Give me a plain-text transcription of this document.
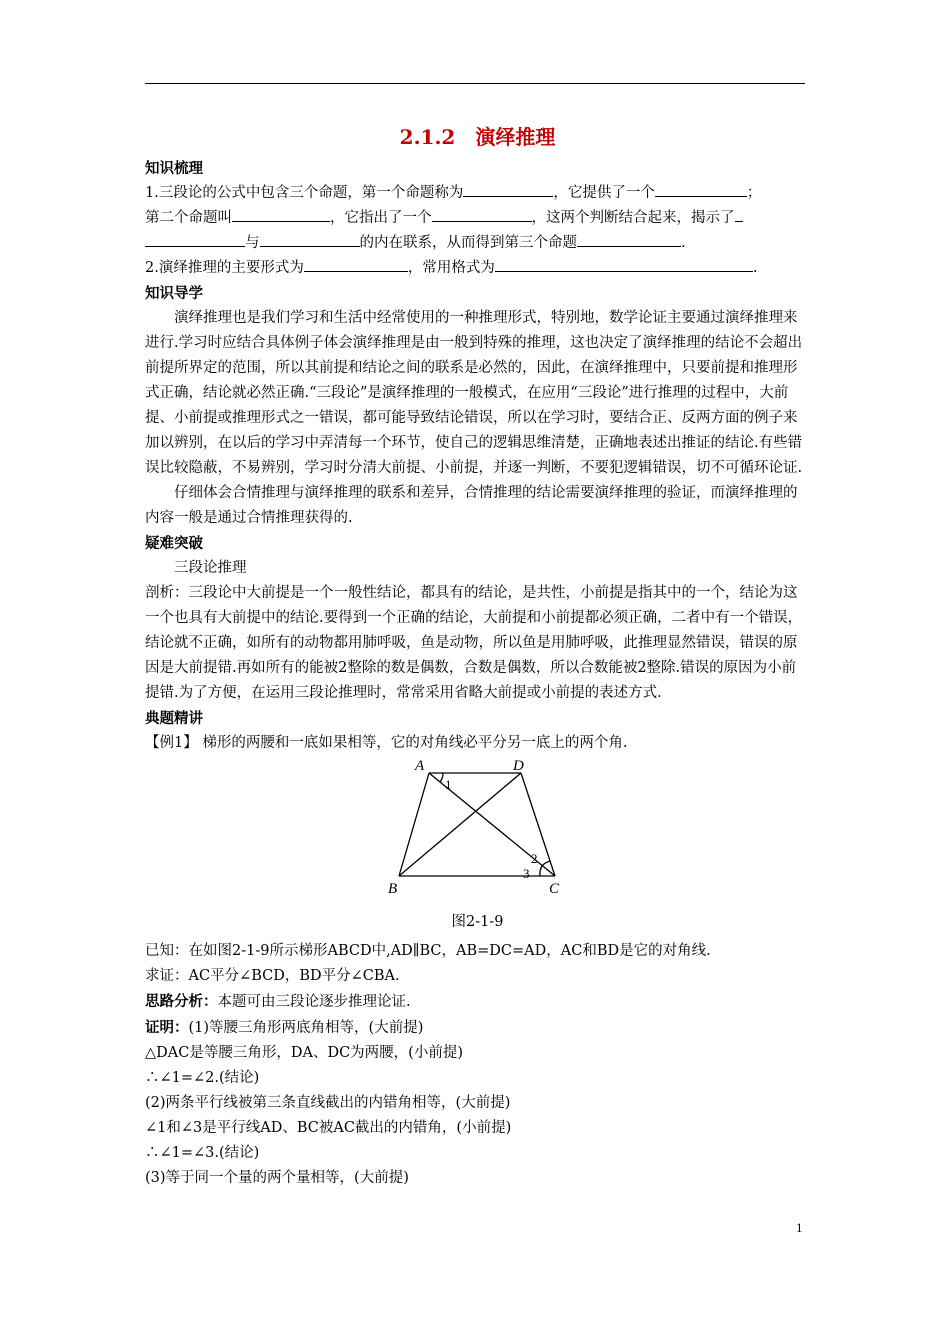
2.1.2　演绎推理
知识梳理

1.三段论的公式中包含三个命题，第一个命题称为	，它提供了一个	；
第二个命题叫	，它指出了一个	，这两个判断结合起来，揭示了
与	的内在联系，从而得到第三个命题	.

2.演绎推理的主要形式为	，常用格式为	.

知识导学

演绎推理也是我们学习和生活中经常使用的一种推理形式，特别地，数学论证主要通过演绎推理来进行.学习时应结合具体例子体会演绎推理是由一般到特殊的推理，这也决定了演绎推理的结论不会超出前提所界定的范围，所以其前提和结论之间的联系是必然的，因此，在演绎推理中，只要前提和推理形式正确，结论就必然正确.“三段论”是演绎推理的一般模式，在应用“三段论”进行推理的过程中，大前提、小前提或推理形式之一错误，都可能导致结论错误，所以在学习时，要结合正、反两方面的例子来加以辨别，在以后的学习中弄清每一个环节，使自己的逻辑思维清楚，正确地表述出推证的结论.有些错误比较隐蔽，不易辨别，学习时分清大前提、小前提，并逐一判断，不要犯逻辑错误，切不可循环论证.

仔细体会合情推理与演绎推理的联系和差异，合情推理的结论需要演绎推理的验证，而演绎推理的内容一般是通过合情推理获得的.

疑难突破

三段论推理

剖析：三段论中大前提是一个一般性结论，都具有的结论，是共性，小前提是指其中的一个，结论为这一个也具有大前提中的结论.要得到一个正确的结论，大前提和小前提都必须正确，二者中有一个错误，结论就不正确，如所有的动物都用肺呼吸，鱼是动物，所以鱼是用肺呼吸，此推理显然错误，错误的原因是大前提错.再如所有的能被2整除的数是偶数，合数是偶数，所以合数能被2整除.错误的原因为小前提错.为了方便，在运用三段论推理时，常常采用省略大前提或小前提的表述方式.

典题精讲

【例1】 梯形的两腰和一底如果相等，它的对角线必平分另一底上的两个角.

A	D
B	C
1
2
3
图2-1-9

已知：在如图2-1-9所示梯形ABCD中,AD∥BC，AB=DC=AD，AC和BD是它的对角线.

求证：AC平分∠BCD，BD平分∠CBA.

思路分析：本题可由三段论逐步推理论证.

证明：(1)等腰三角形两底角相等，(大前提)

△DAC是等腰三角形，DA、DC为两腰，(小前提)

∴∠1=∠2.(结论)

(2)两条平行线被第三条直线截出的内错角相等，(大前提)

∠1和∠3是平行线AD、BC被AC截出的内错角，(小前提)

∴∠1=∠3.(结论)

(3)等于同一个量的两个量相等，(大前提)

1
